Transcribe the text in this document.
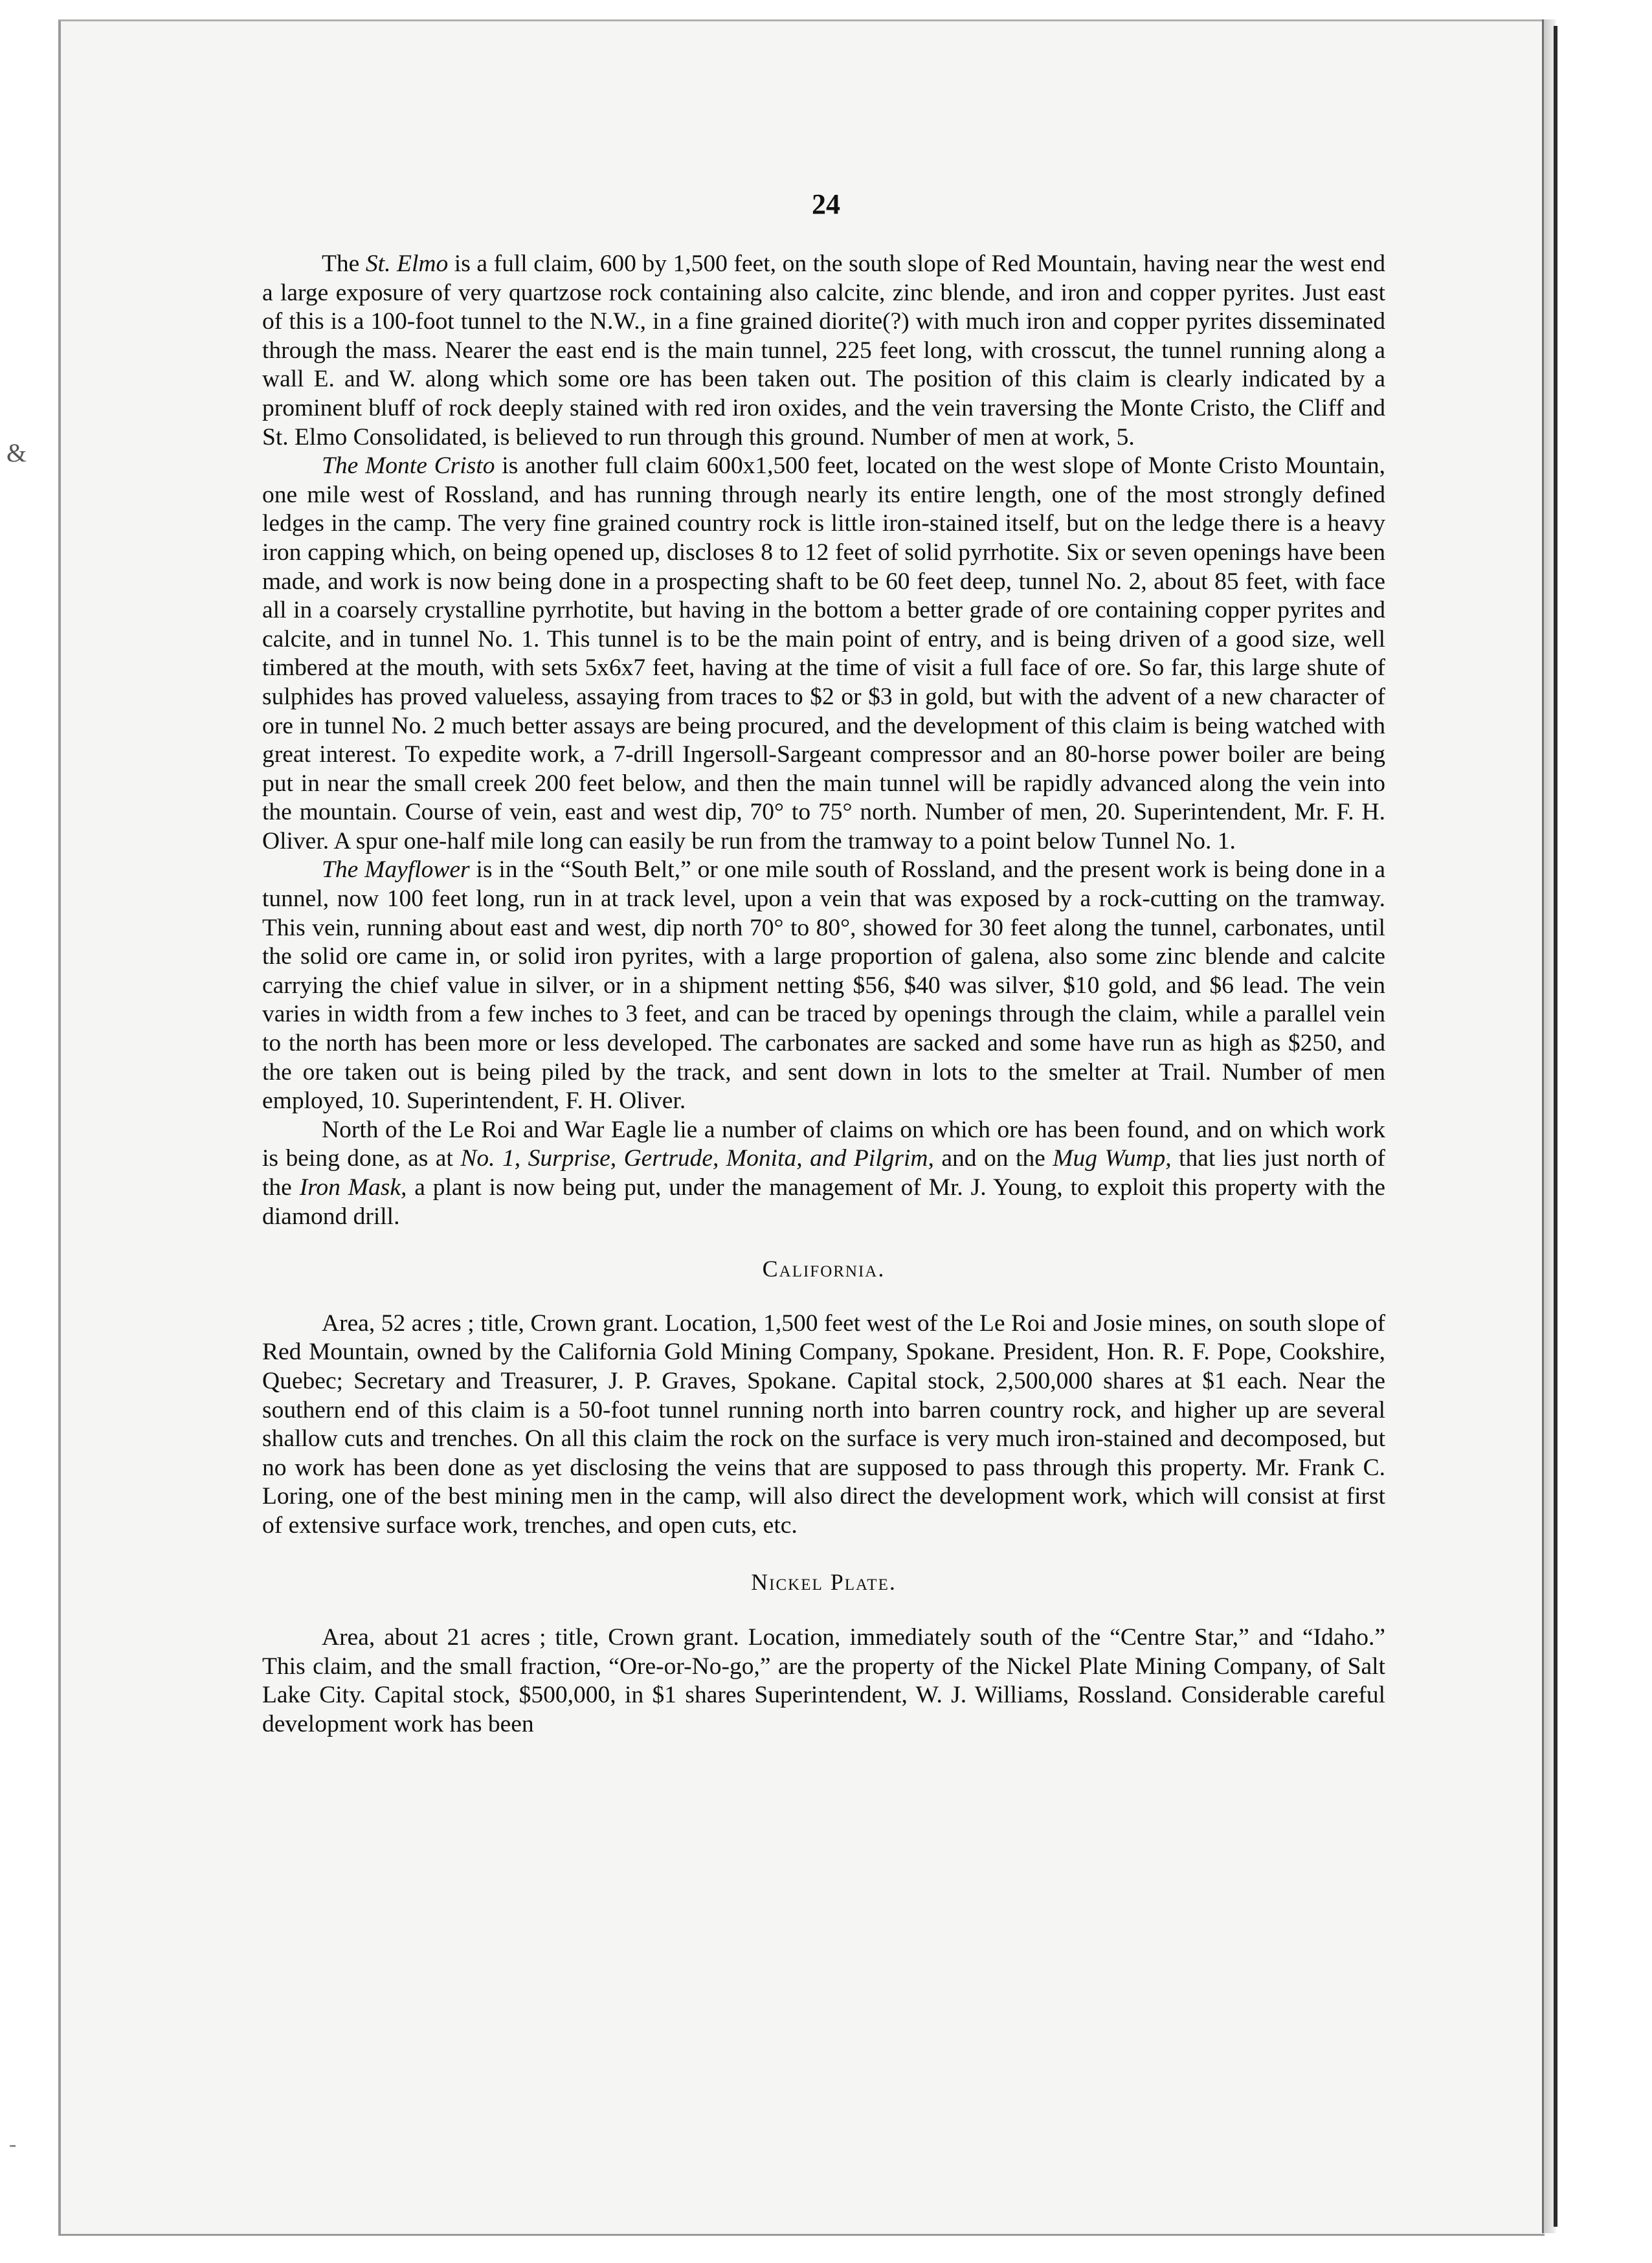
&
-
24

The St. Elmo is a full claim, 600 by 1,500 feet, on the south slope of Red Mountain, having near the west end a large exposure of very quartzose rock containing also calcite, zinc blende, and iron and copper pyrites. Just east of this is a 100-foot tunnel to the N.W., in a fine grained diorite(?) with much iron and copper pyrites disseminated through the mass. Nearer the east end is the main tunnel, 225 feet long, with crosscut, the tunnel running along a wall E. and W. along which some ore has been taken out. The position of this claim is clearly indicated by a prominent bluff of rock deeply stained with red iron oxides, and the vein traversing the Monte Cristo, the Cliff and St. Elmo Consolidated, is believed to run through this ground. Number of men at work, 5.

The Monte Cristo is another full claim 600x1,500 feet, located on the west slope of Monte Cristo Mountain, one mile west of Rossland, and has running through nearly its entire length, one of the most strongly defined ledges in the camp. The very fine grained country rock is little iron-stained itself, but on the ledge there is a heavy iron capping which, on being opened up, discloses 8 to 12 feet of solid pyrrhotite. Six or seven openings have been made, and work is now being done in a prospecting shaft to be 60 feet deep, tunnel No. 2, about 85 feet, with face all in a coarsely crystalline pyrrhotite, but having in the bottom a better grade of ore containing copper pyrites and calcite, and in tunnel No. 1. This tunnel is to be the main point of entry, and is being driven of a good size, well timbered at the mouth, with sets 5x6x7 feet, having at the time of visit a full face of ore. So far, this large shute of sulphides has proved valueless, assaying from traces to $2 or $3 in gold, but with the advent of a new character of ore in tunnel No. 2 much better assays are being procured, and the development of this claim is being watched with great interest. To expedite work, a 7-drill Ingersoll-Sargeant compressor and an 80-horse power boiler are being put in near the small creek 200 feet below, and then the main tunnel will be rapidly advanced along the vein into the mountain. Course of vein, east and west dip, 70° to 75° north. Number of men, 20. Superintendent, Mr. F. H. Oliver. A spur one-half mile long can easily be run from the tramway to a point below Tunnel No. 1.

The Mayflower is in the “South Belt,” or one mile south of Rossland, and the present work is being done in a tunnel, now 100 feet long, run in at track level, upon a vein that was exposed by a rock-cutting on the tramway. This vein, running about east and west, dip north 70° to 80°, showed for 30 feet along the tunnel, carbonates, until the solid ore came in, or solid iron pyrites, with a large proportion of galena, also some zinc blende and calcite carrying the chief value in silver, or in a shipment netting $56, $40 was silver, $10 gold, and $6 lead. The vein varies in width from a few inches to 3 feet, and can be traced by openings through the claim, while a parallel vein to the north has been more or less developed. The carbonates are sacked and some have run as high as $250, and the ore taken out is being piled by the track, and sent down in lots to the smelter at Trail. Number of men employed, 10. Superintendent, F. H. Oliver.

North of the Le Roi and War Eagle lie a number of claims on which ore has been found, and on which work is being done, as at No. 1, Surprise, Gertrude, Monita, and Pilgrim, and on the Mug Wump, that lies just north of the Iron Mask, a plant is now being put, under the management of Mr. J. Young, to exploit this property with the diamond drill.

California.

Area, 52 acres ; title, Crown grant. Location, 1,500 feet west of the Le Roi and Josie mines, on south slope of Red Mountain, owned by the California Gold Mining Company, Spokane. President, Hon. R. F. Pope, Cookshire, Quebec; Secretary and Treasurer, J. P. Graves, Spokane. Capital stock, 2,500,000 shares at $1 each. Near the southern end of this claim is a 50-foot tunnel running north into barren country rock, and higher up are several shallow cuts and trenches. On all this claim the rock on the surface is very much iron-stained and decomposed, but no work has been done as yet disclosing the veins that are supposed to pass through this property. Mr. Frank C. Loring, one of the best mining men in the camp, will also direct the development work, which will consist at first of extensive surface work, trenches, and open cuts, etc.

Nickel Plate.

Area, about 21 acres ; title, Crown grant. Location, immediately south of the “Centre Star,” and “Idaho.” This claim, and the small fraction, “Ore-or-No-go,” are the property of the Nickel Plate Mining Company, of Salt Lake City. Capital stock, $500,000, in $1 shares Superintendent, W. J. Williams, Rossland. Considerable careful development work has been
